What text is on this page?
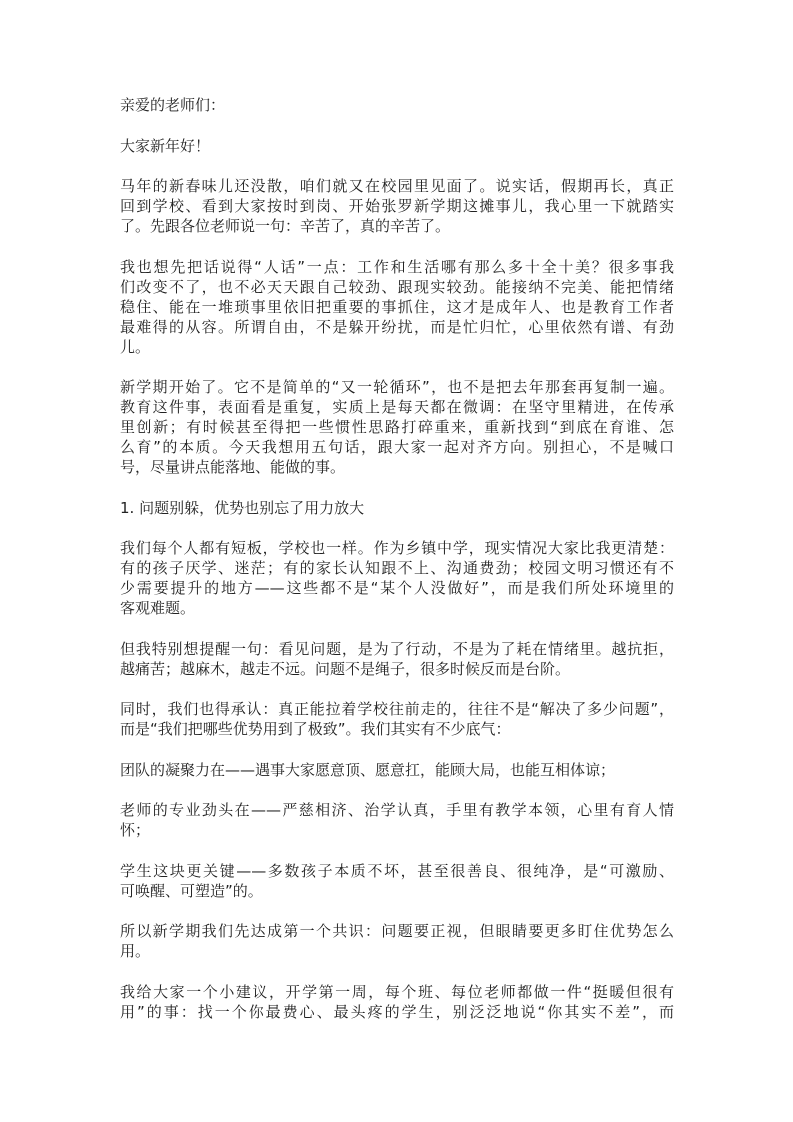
亲爱的老师们：
大家新年好！
马年的新春味儿还没散，咱们就又在校园里见面了。说实话，假期再长，真正
回到学校、看到大家按时到岗、开始张罗新学期这摊事儿，我心里一下就踏实
了。先跟各位老师说一句：辛苦了，真的辛苦了。
我也想先把话说得“人话”一点：工作和生活哪有那么多十全十美？很多事我
们改变不了，也不必天天跟自己较劲、跟现实较劲。能接纳不完美、能把情绪
稳住、能在一堆琐事里依旧把重要的事抓住，这才是成年人、也是教育工作者
最难得的从容。所谓自由，不是躲开纷扰，而是忙归忙，心里依然有谱、有劲
儿。
新学期开始了。它不是简单的“又一轮循环”，也不是把去年那套再复制一遍。
教育这件事，表面看是重复，实质上是每天都在微调：在坚守里精进，在传承
里创新；有时候甚至得把一些惯性思路打碎重来，重新找到“到底在育谁、怎
么育”的本质。今天我想用五句话，跟大家一起对齐方向。别担心，不是喊口
号，尽量讲点能落地、能做的事。
1. 问题别躲，优势也别忘了用力放大
我们每个人都有短板，学校也一样。作为乡镇中学，现实情况大家比我更清楚：
有的孩子厌学、迷茫；有的家长认知跟不上、沟通费劲；校园文明习惯还有不
少需要提升的地方——这些都不是“某个人没做好”，而是我们所处环境里的
客观难题。
但我特别想提醒一句：看见问题，是为了行动，不是为了耗在情绪里。越抗拒，
越痛苦；越麻木，越走不远。问题不是绳子，很多时候反而是台阶。
同时，我们也得承认：真正能拉着学校往前走的，往往不是“解决了多少问题”，
而是“我们把哪些优势用到了极致”。我们其实有不少底气：
团队的凝聚力在——遇事大家愿意顶、愿意扛，能顾大局，也能互相体谅；
老师的专业劲头在——严慈相济、治学认真，手里有教学本领，心里有育人情
怀；
学生这块更关键——多数孩子本质不坏，甚至很善良、很纯净，是“可激励、
可唤醒、可塑造”的。
所以新学期我们先达成第一个共识：问题要正视，但眼睛要更多盯住优势怎么
用。
我给大家一个小建议，开学第一周，每个班、每位老师都做一件“挺暖但很有
用”的事：找一个你最费心、最头疼的学生，别泛泛地说“你其实不差”，而
